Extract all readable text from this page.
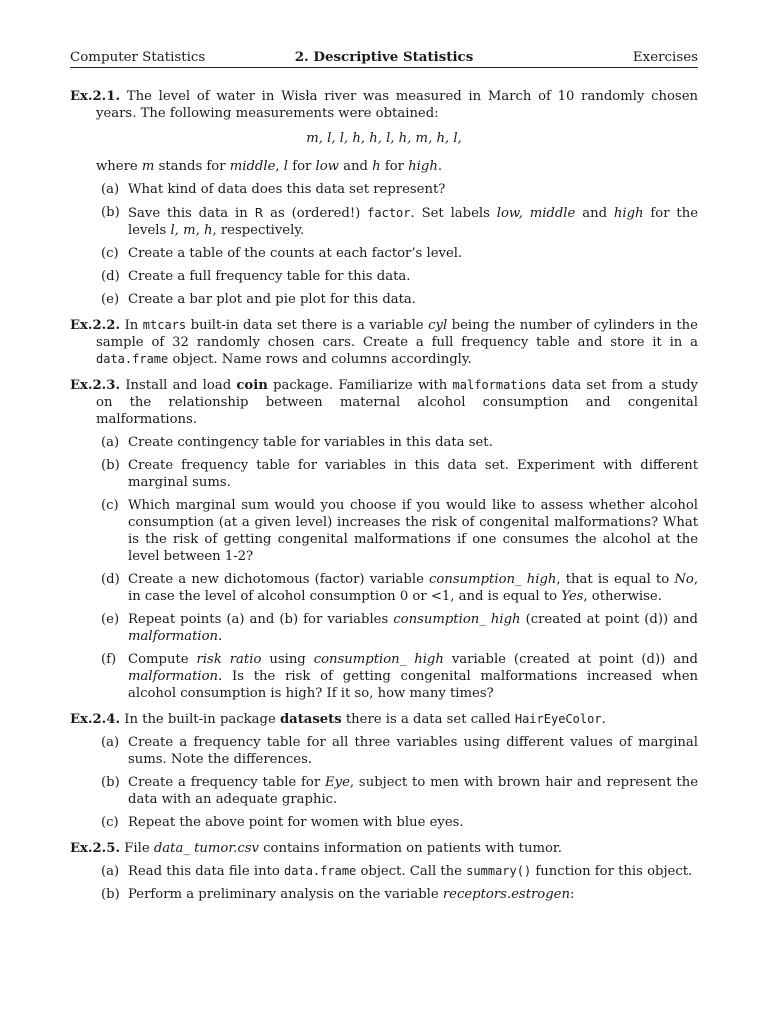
Computer Statistics	2. Descriptive Statistics	Exercises
Ex.2.1. The level of water in Wisła river was measured in March of 10 randomly chosen years. The following measurements were obtained:
m, l, l, h, h, l, h, m, h, l,
where m stands for middle, l for low and h for high.
(a) What kind of data does this data set represent?
(b) Save this data in R as (ordered!) factor. Set labels low, middle and high for the levels l, m, h, respectively.
(c) Create a table of the counts at each factor’s level.
(d) Create a full frequency table for this data.
(e) Create a bar plot and pie plot for this data.
Ex.2.2. In mtcars built-in data set there is a variable cyl being the number of cylinders in the sample of 32 randomly chosen cars. Create a full frequency table and store it in a data.frame object. Name rows and columns accordingly.
Ex.2.3. Install and load coin package. Familiarize with malformations data set from a study on the relationship between maternal alcohol consumption and congenital malformations.
(a) Create contingency table for variables in this data set.
(b) Create frequency table for variables in this data set. Experiment with different marginal sums.
(c) Which marginal sum would you choose if you would like to assess whether alcohol consumption (at a given level) increases the risk of congenital malformations? What is the risk of getting congenital malformations if one consumes the alcohol at the level between 1-2?
(d) Create a new dichotomous (factor) variable consumption_ high, that is equal to No, in case the level of alcohol consumption 0 or <1, and is equal to Yes, otherwise.
(e) Repeat points (a) and (b) for variables consumption_ high (created at point (d)) and malformation.
(f) Compute risk ratio using consumption_ high variable (created at point (d)) and malformation. Is the risk of getting congenital malformations increased when alcohol consumption is high? If it so, how many times?
Ex.2.4. In the built-in package datasets there is a data set called HairEyeColor.
(a) Create a frequency table for all three variables using different values of marginal sums. Note the differences.
(b) Create a frequency table for Eye, subject to men with brown hair and represent the data with an adequate graphic.
(c) Repeat the above point for women with blue eyes.
Ex.2.5. File data_ tumor.csv contains information on patients with tumor.
(a) Read this data file into data.frame object. Call the summary() function for this object.
(b) Perform a preliminary analysis on the variable receptors.estrogen:
